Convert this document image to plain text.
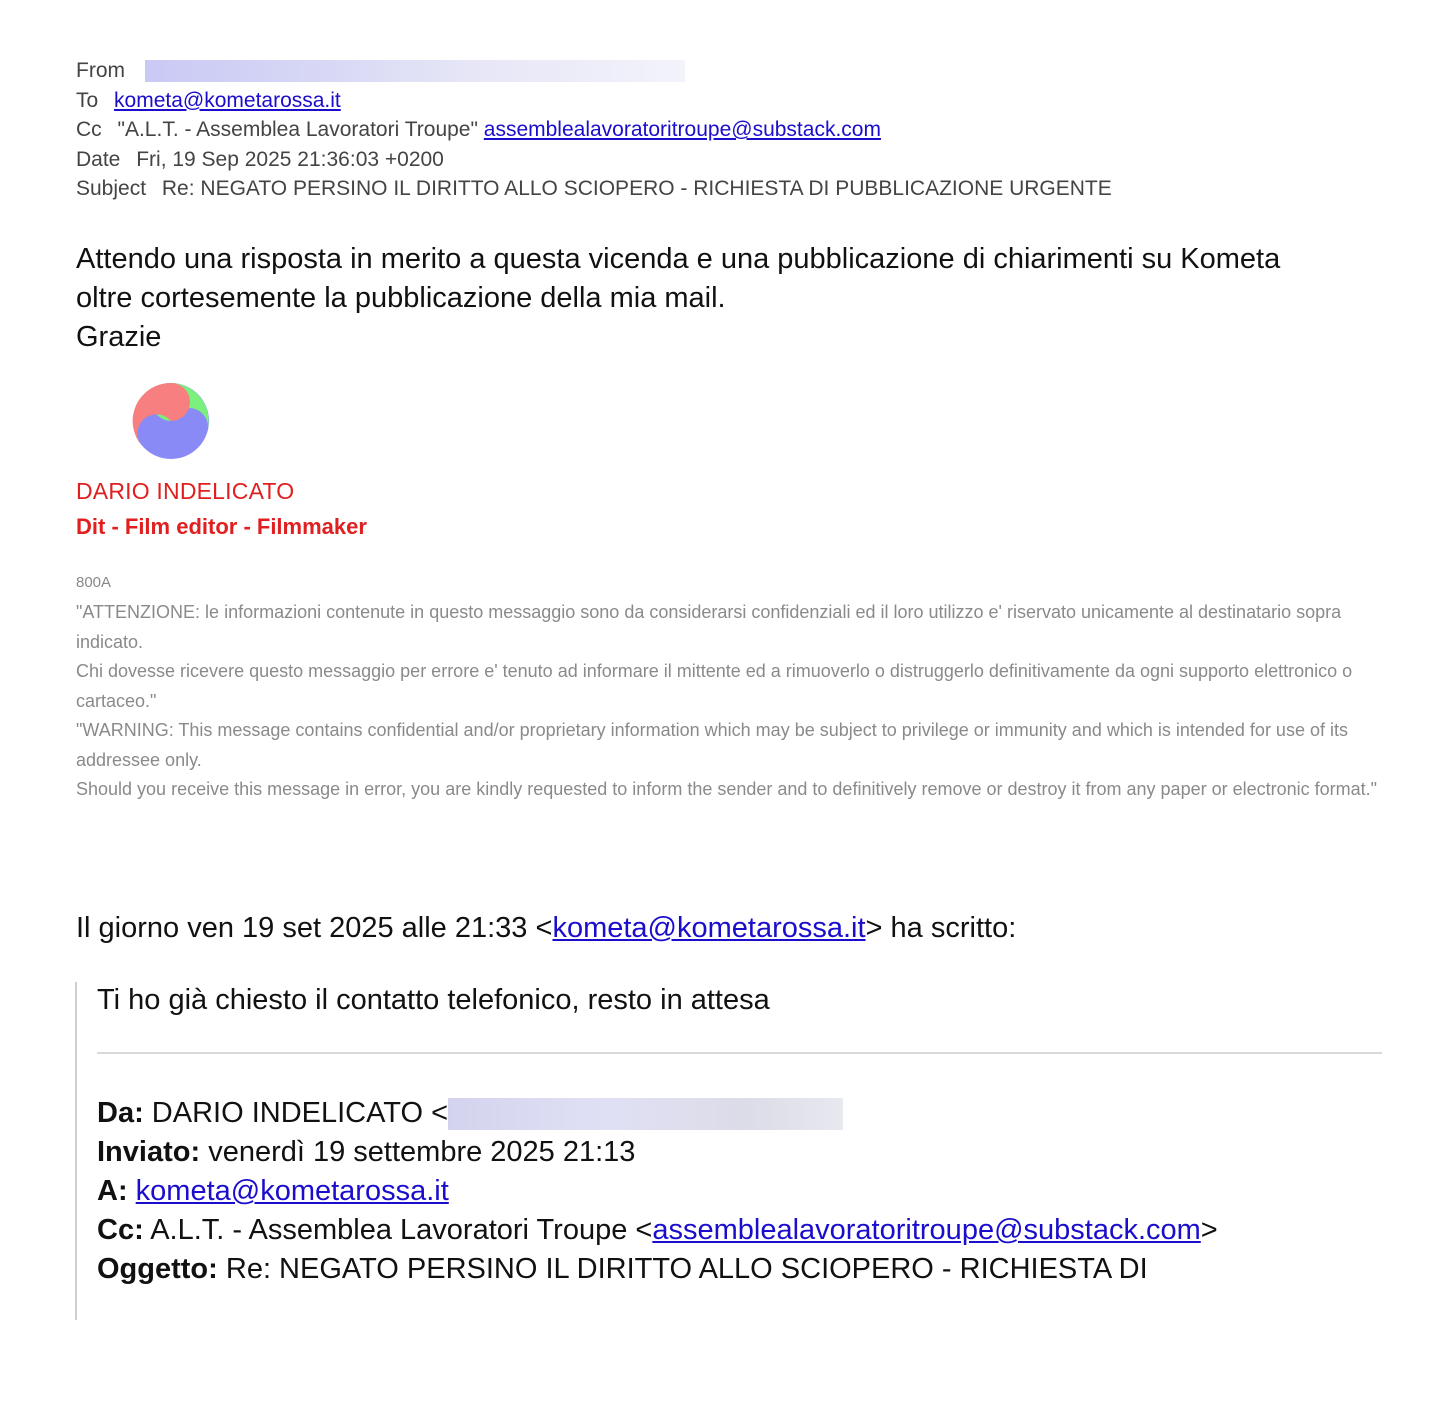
From
To kometa@kometarossa.it
Cc "A.L.T. - Assemblea Lavoratori Troupe" assemblealavoratoritroupe@substack.com
Date Fri, 19 Sep 2025 21:36:03 +0200
Subject Re: NEGATO PERSINO IL DIRITTO ALLO SCIOPERO - RICHIESTA DI PUBBLICAZIONE URGENTE
Attendo una risposta in merito a questa vicenda e una pubblicazione di chiarimenti su Kometa
oltre cortesemente la pubblicazione della mia mail.
Grazie
DARIO INDELICATO
Dit - Film editor - Filmmaker
800A

"ATTENZIONE: le informazioni contenute in questo messaggio sono da considerarsi confidenziali ed il loro utilizzo e' riservato unicamente al destinatario sopra indicato.

Chi dovesse ricevere questo messaggio per errore e' tenuto ad informare il mittente ed a rimuoverlo o distruggerlo definitivamente da ogni supporto elettronico o cartaceo."

"WARNING: This message contains confidential and/or proprietary information which may be subject to privilege or immunity and which is intended for use of its addressee only.

Should you receive this message in error, you are kindly requested to inform the sender and to definitively remove or destroy it from any paper or electronic format."

Il giorno ven 19 set 2025 alle 21:33 <kometa@kometarossa.it> ha scritto:
Ti ho già chiesto il contatto telefonico, resto in attesa
Da: DARIO INDELICATO <
Inviato: venerdì 19 settembre 2025 21:13
A: kometa@kometarossa.it
Cc: A.L.T. - Assemblea Lavoratori Troupe <assemblealavoratoritroupe@substack.com>
Oggetto: Re: NEGATO PERSINO IL DIRITTO ALLO SCIOPERO - RICHIESTA DI
